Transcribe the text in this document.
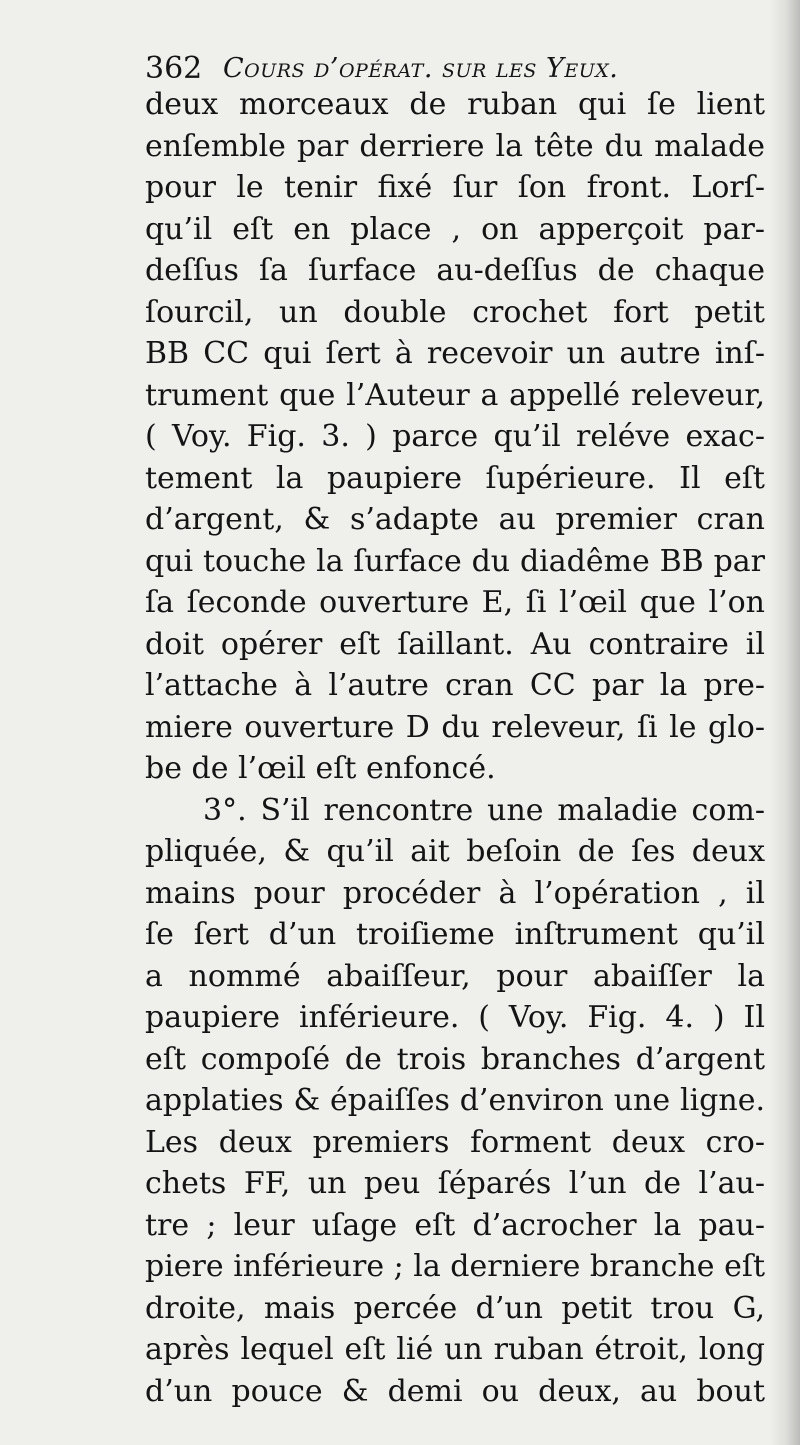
362 Cours d’opérat. sur les Yeux.
deux morceaux de ruban qui ſe lient
enſemble par derriere la tête du malade
pour le tenir fixé ſur ſon front. Lorſ-
qu’il eſt en place , on apperçoit par-
deſſus ſa ſurface au-deſſus de chaque
ſourcil, un double crochet fort petit
BB CC qui ſert à recevoir un autre inſ-
trument que l’Auteur a appellé releveur,
( Voy. Fig. 3. ) parce qu’il reléve exac-
tement la paupiere ſupérieure. Il eſt
d’argent, & s’adapte au premier cran
qui touche la ſurface du diadême BB par
ſa ſeconde ouverture E, ſi l’œil que l’on
doit opérer eſt ſaillant. Au contraire il
l’attache à l’autre cran CC par la pre-
miere ouverture D du releveur, ſi le glo-
be de l’œil eſt enfoncé.
3°. S’il rencontre une maladie com-
pliquée, & qu’il ait beſoin de ſes deux
mains pour procéder à l’opération , il
ſe ſert d’un troiſieme inſtrument qu’il
a nommé abaiſſeur, pour abaiſſer la
paupiere inférieure. ( Voy. Fig. 4. ) Il
eſt compoſé de trois branches d’argent
applaties & épaiſſes d’environ une ligne.
Les deux premiers forment deux cro-
chets FF, un peu ſéparés l’un de l’au-
tre ; leur uſage eſt d’acrocher la pau-
piere inférieure ; la derniere branche eſt
droite, mais percée d’un petit trou G,
après lequel eſt lié un ruban étroit, long
d’un pouce & demi ou deux, au bout
